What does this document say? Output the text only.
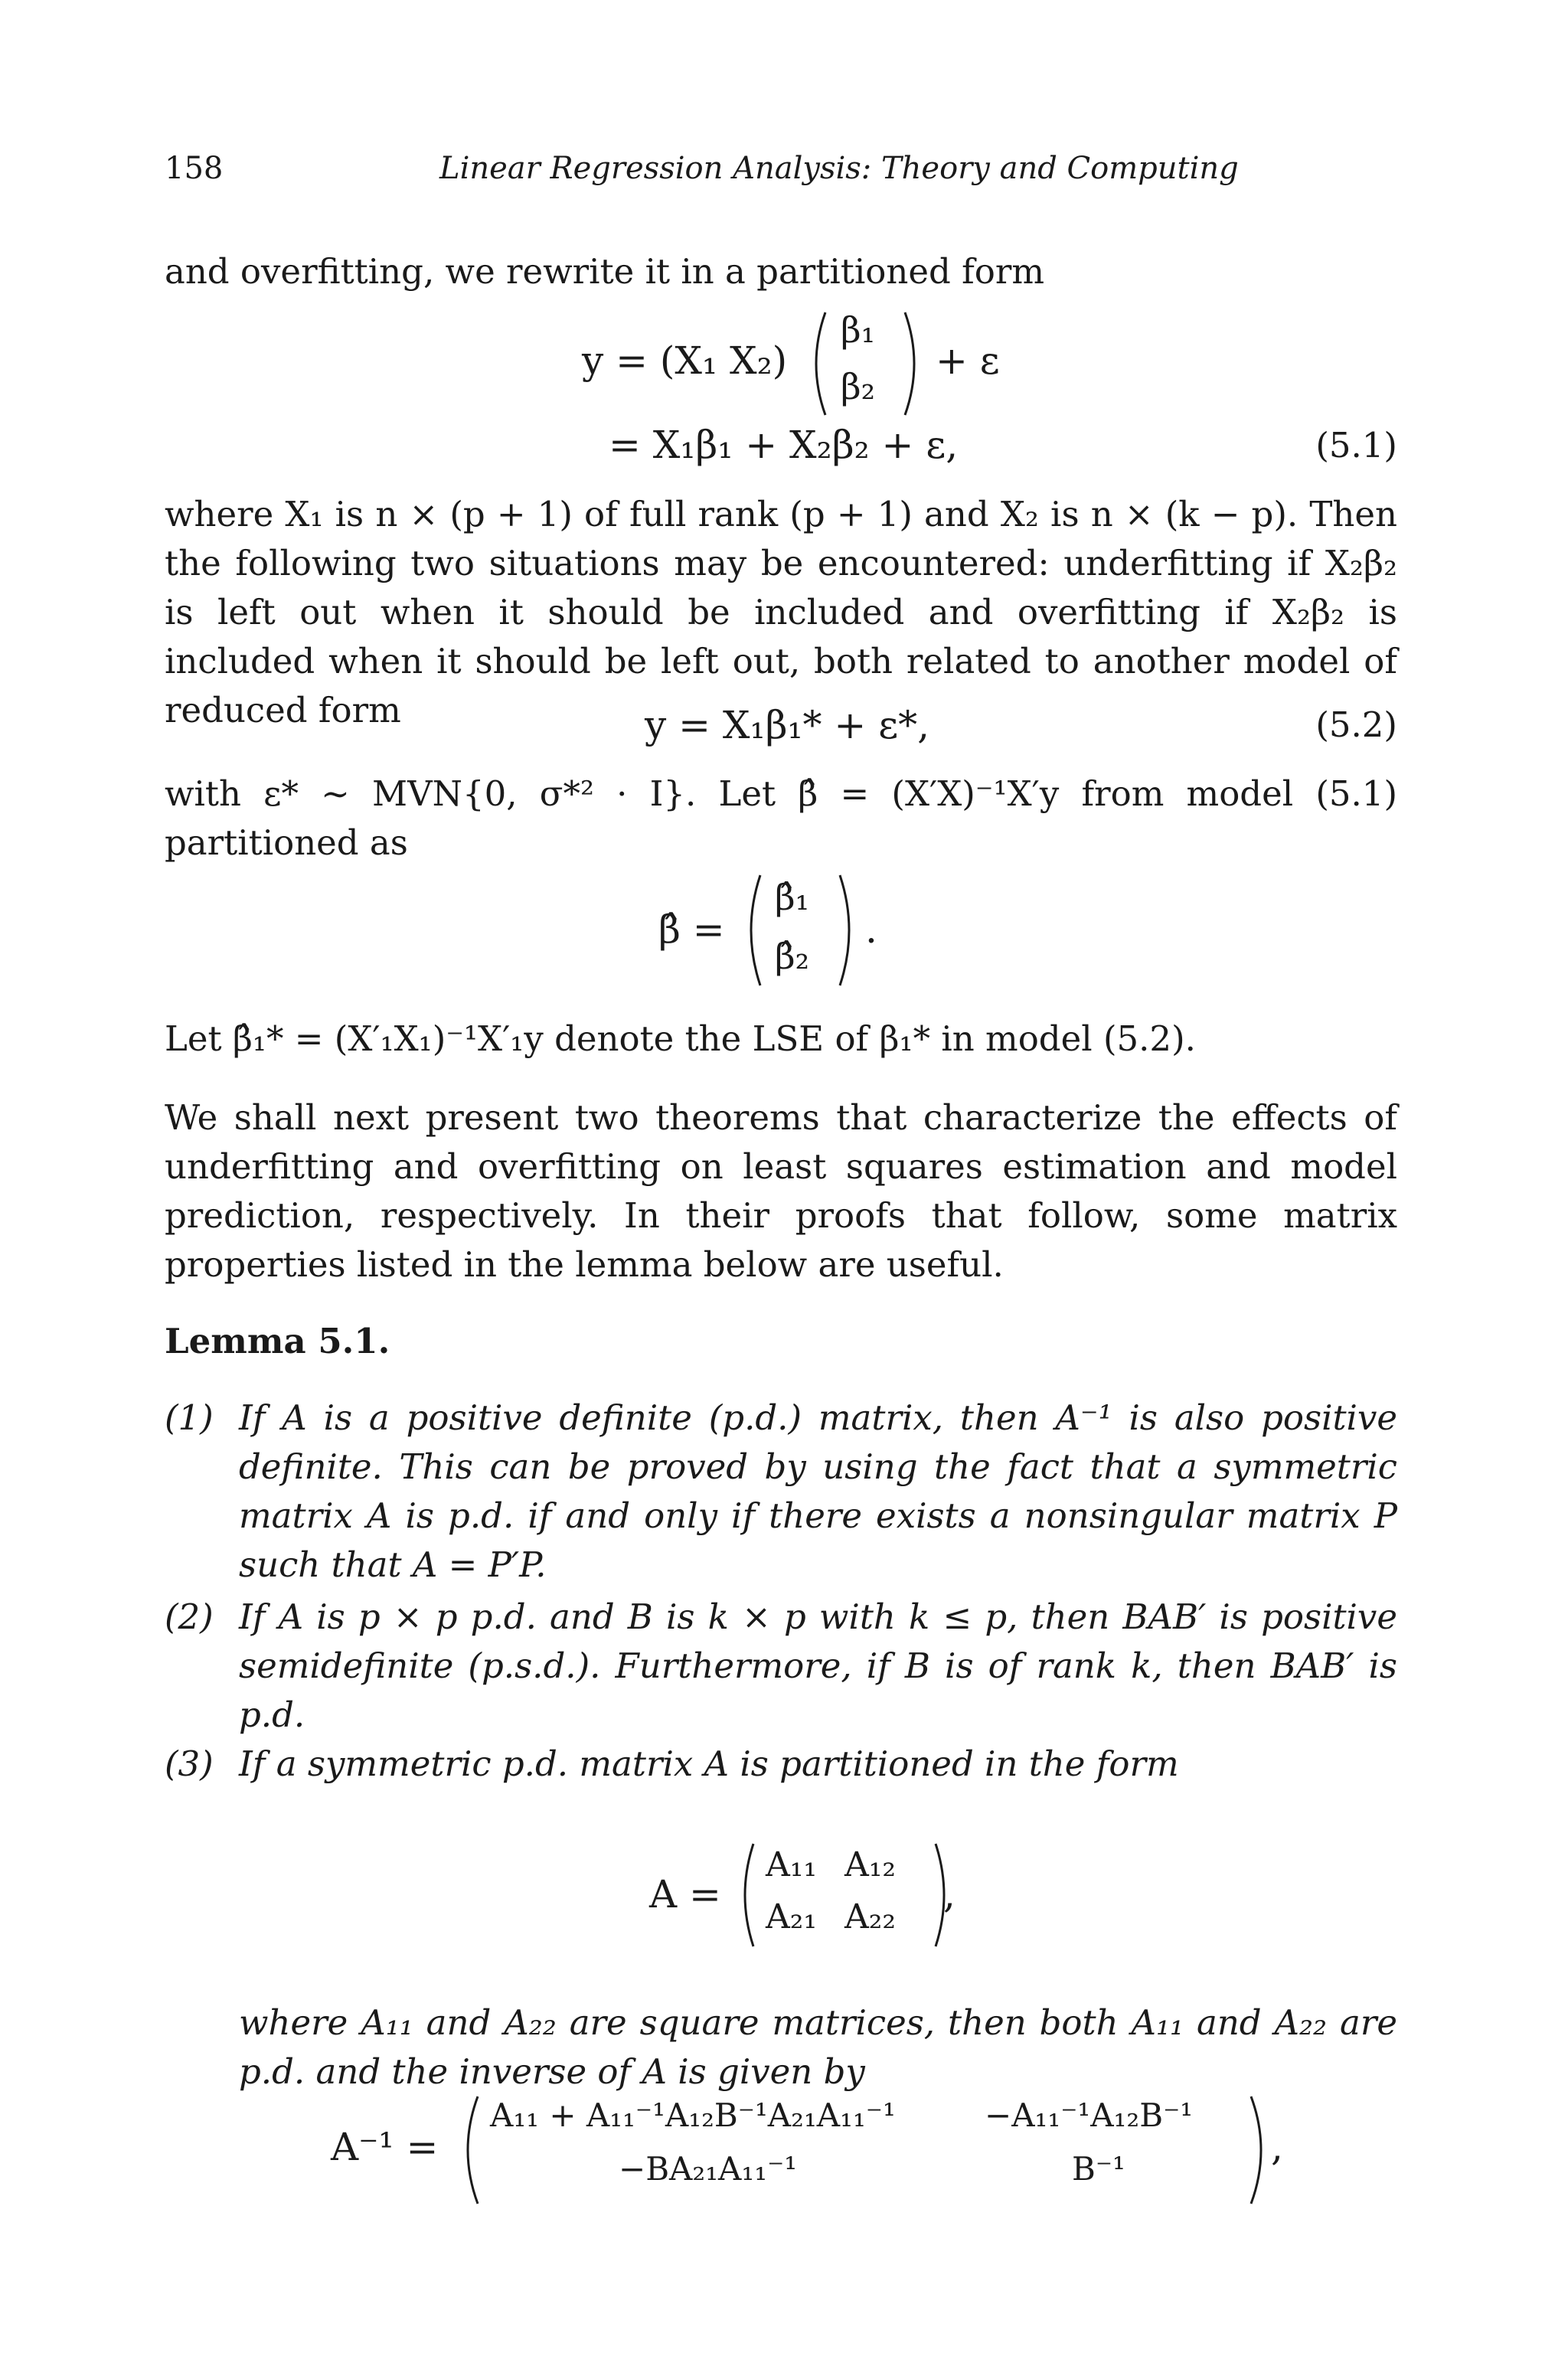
158	Linear Regression Analysis: Theory and Computing
and overfitting, we rewrite it in a partitioned form
y = (X₁ X₂)
β₁
β₂
+ ε
= X₁β₁ + X₂β₂ + ε,	(5.1)
where X₁ is n × (p + 1) of full rank (p + 1) and X₂ is n × (k − p). Then the following two situations may be encountered: underfitting if X₂β₂ is left out when it should be included and overfitting if X₂β₂ is included when it should be left out, both related to another model of reduced form	y = X₁β₁* + ε*,	(5.2)
with ε* ∼ MVN{0, σ*² · I}. Let β̂ = (X′X)⁻¹X′y from model (5.1) partitioned as
β̂ =
β̂₁
β̂₂
.
Let β̂₁* = (X′₁X₁)⁻¹X′₁y denote the LSE of β₁* in model (5.2).
We shall next present two theorems that characterize the effects of underfitting and overfitting on least squares estimation and model prediction, respectively. In their proofs that follow, some matrix properties listed in the lemma below are useful.
Lemma 5.1.
(1) If A is a positive definite (p.d.) matrix, then A⁻¹ is also positive definite. This can be proved by using the fact that a symmetric matrix A is p.d. if and only if there exists a nonsingular matrix P such that A = P′P.
(2) If A is p × p p.d. and B is k × p with k ≤ p, then BAB′ is positive semidefinite (p.s.d.). Furthermore, if B is of rank k, then BAB′ is p.d.
(3) If a symmetric p.d. matrix A is partitioned in the form
A =
A₁₁ A₁₂
A₂₁ A₂₂
,
where A₁₁ and A₂₂ are square matrices, then both A₁₁ and A₂₂ are p.d. and the inverse of A is given by
A⁻¹ =
A₁₁ + A₁₁⁻¹A₁₂B⁻¹A₂₁A₁₁⁻¹	−A₁₁⁻¹A₁₂B⁻¹
−BA₂₁A₁₁⁻¹	B⁻¹	,
